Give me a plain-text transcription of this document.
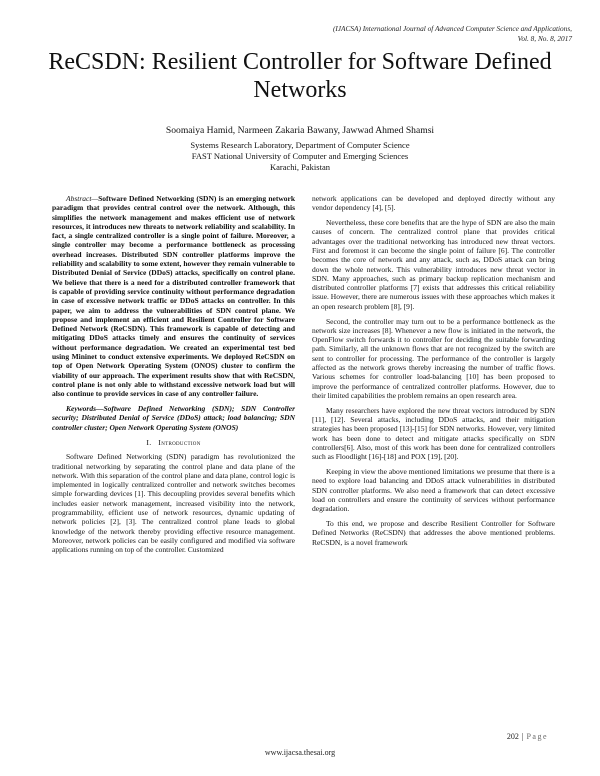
(IJACSA) International Journal of Advanced Computer Science and Applications,
Vol. 8, No. 8, 2017
ReCSDN: Resilient Controller for Software Defined Networks
Soomaiya Hamid, Narmeen Zakaria Bawany, Jawwad Ahmed Shamsi
Systems Research Laboratory, Department of Computer Science
FAST National University of Computer and Emerging Sciences
Karachi, Pakistan

Abstract—Software Defined Networking (SDN) is an emerging network paradigm that provides central control over the network. Although, this simplifies the network management and makes efficient use of network resources, it introduces new threats to network reliability and scalability. In fact, a single centralized controller is a single point of failure. Moreover, a single controller may become a performance bottleneck as processing overhead increases. Distributed SDN controller platforms improve the reliability and scalability to some extent, however they remain vulnerable to Distributed Denial of Service (DDoS) attacks, specifically on control plane. We believe that there is a need for a distributed controller framework that is capable of providing service continuity without performance degradation in case of excessive network traffic or DDoS attacks on controller. In this paper, we aim to address the vulnerabilities of SDN control plane. We propose and implement an efficient and Resilient Controller for Software Defined Network (ReCSDN). This framework is capable of detecting and mitigating DDoS attacks timely and ensures the continuity of services without performance degradation. We created an experimental test bed using Mininet to conduct extensive experiments. We deployed ReCSDN on top of Open Network Operating System (ONOS) cluster to confirm the viability of our approach. The experiment results show that with ReCSDN, control plane is not only able to withstand excessive network load but will also continue to provide services in case of any controller failure.

Keywords—Software Defined Networking (SDN); SDN Controller security; Distributed Denial of Service (DDoS) attack; load balancing; SDN controller cluster; Open Network Operating System (ONOS)

I. Introduction

Software Defined Networking (SDN) paradigm has revolutionized the traditional networking by separating the control plane and data plane of the network. With this separation of the control plane and data plane, control logic is implemented in logically centralized controller and network switches becomes simple forwarding devices [1]. This decoupling provides several benefits which includes easier network management, increased visibility into the network, programmability, efficient use of network resources, dynamic updating of network policies [2], [3]. The centralized control plane leads to global knowledge of the network thereby providing effective resource management. Moreover, network policies can be easily configured and modified via software applications running on top of the controller. Customized

network applications can be developed and deployed directly without any vendor dependency [4], [5].

Nevertheless, these core benefits that are the hype of SDN are also the main causes of concern. The centralized control plane that provides critical advantages over the traditional networking has introduced new threat vectors. First and foremost it can become the single point of failure [6]. The controller becomes the core of network and any attack, such as, DDoS attack can bring down the whole network. This vulnerability introduces new threat vector in SDN. Many approaches, such as primary backup replication mechanism and distributed controller platforms [7] exists that addresses this critical reliability issue. However, there are numerous issues with these approaches which makes it an open research problem [8], [9].

Second, the controller may turn out to be a performance bottleneck as the network size increases [8]. Whenever a new flow is initiated in the network, the OpenFlow switch forwards it to controller for deciding the suitable forwarding path. Similarly, all the unknown flows that are not recognized by the switch are sent to controller for processing. The performance of the controller is largely affected as the network grows thereby increasing the number of traffic flows. Various schemes for controller load-balancing [10] has been proposed to improve the performance of centralized controller platforms. However, due to their limited capabilities the problem remains an open research area.

Many researchers have explored the new threat vectors introduced by SDN [11], [12]. Several attacks, including DDoS attacks, and their mitigation strategies has been proposed [13]-[15] for SDN networks. However, very limited work has been done to detect and mitigate attacks specifically on SDN controllers[6]. Also, most of this work has been done for centralized controllers such as Floodlight [16]-[18] and POX [19], [20].

Keeping in view the above mentioned limitations we presume that there is a need to explore load balancing and DDoS attack vulnerabilities in distributed SDN controller platforms. We also need a framework that can detect excessive load on controllers and ensure the continuity of services without performance degradation.

To this end, we propose and describe Resilient Controller for Software Defined Networks (ReCSDN) that addresses the above mentioned problems. ReCSDN, is a novel framework

202 | Page
www.ijacsa.thesai.org
